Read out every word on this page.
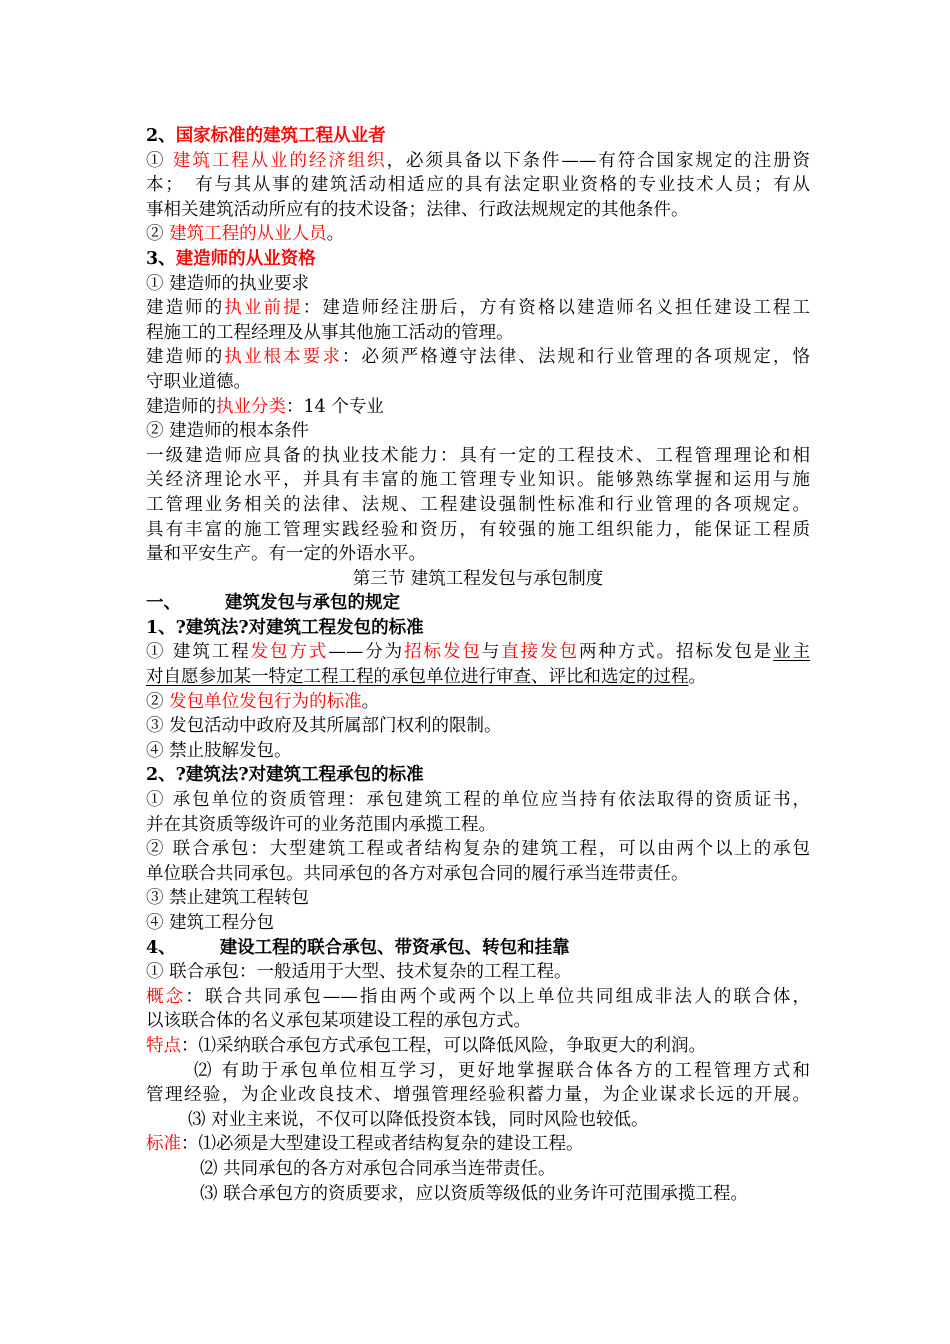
2、国家标准的建筑工程从业者
① 建筑工程从业的经济组织，必须具备以下条件——有符合国家规定的注册资
本；　有与其从事的建筑活动相适应的具有法定职业资格的专业技术人员；有从
事相关建筑活动所应有的技术设备；法律、行政法规规定的其他条件。
② 建筑工程的从业人员。
3、建造师的从业资格
① 建造师的执业要求
建造师的执业前提：建造师经注册后，方有资格以建造师名义担任建设工程工
程施工的工程经理及从事其他施工活动的管理。
建造师的执业根本要求：必须严格遵守法律、法规和行业管理的各项规定，恪
守职业道德。
建造师的执业分类：14 个专业
② 建造师的根本条件
一级建造师应具备的执业技术能力：具有一定的工程技术、工程管理理论和相
关经济理论水平，并具有丰富的施工管理专业知识。能够熟练掌握和运用与施
工管理业务相关的法律、法规、工程建设强制性标准和行业管理的各项规定。
具有丰富的施工管理实践经验和资历，有较强的施工组织能力，能保证工程质
量和平安生产。有一定的外语水平。
第三节 建筑工程发包与承包制度
一、	建筑发包与承包的规定
1、?建筑法?对建筑工程发包的标准
① 建筑工程发包方式——分为招标发包与直接发包两种方式。招标发包是业主
对自愿参加某一特定工程工程的承包单位进行审查、评比和选定的过程。
② 发包单位发包行为的标准。
③ 发包活动中政府及其所属部门权利的限制。
④ 禁止肢解发包。
2、?建筑法?对建筑工程承包的标准
① 承包单位的资质管理：承包建筑工程的单位应当持有依法取得的资质证书，
并在其资质等级许可的业务范围内承揽工程。
② 联合承包：大型建筑工程或者结构复杂的建筑工程，可以由两个以上的承包
单位联合共同承包。共同承包的各方对承包合同的履行承当连带责任。
③ 禁止建筑工程转包
④ 建筑工程分包
4、	建设工程的联合承包、带资承包、转包和挂靠
① 联合承包：一般适用于大型、技术复杂的工程工程。
概念：联合共同承包——指由两个或两个以上单位共同组成非法人的联合体，
以该联合体的名义承包某项建设工程的承包方式。
特点：⑴采纳联合承包方式承包工程，可以降低风险，争取更大的利润。
⑵ 有助于承包单位相互学习，更好地掌握联合体各方的工程管理方式和
管理经验，为企业改良技术、增强管理经验积蓄力量，为企业谋求长远的开展。
⑶ 对业主来说，不仅可以降低投资本钱，同时风险也较低。
标准：⑴必须是大型建设工程或者结构复杂的建设工程。
⑵ 共同承包的各方对承包合同承当连带责任。
⑶ 联合承包方的资质要求，应以资质等级低的业务许可范围承揽工程。
